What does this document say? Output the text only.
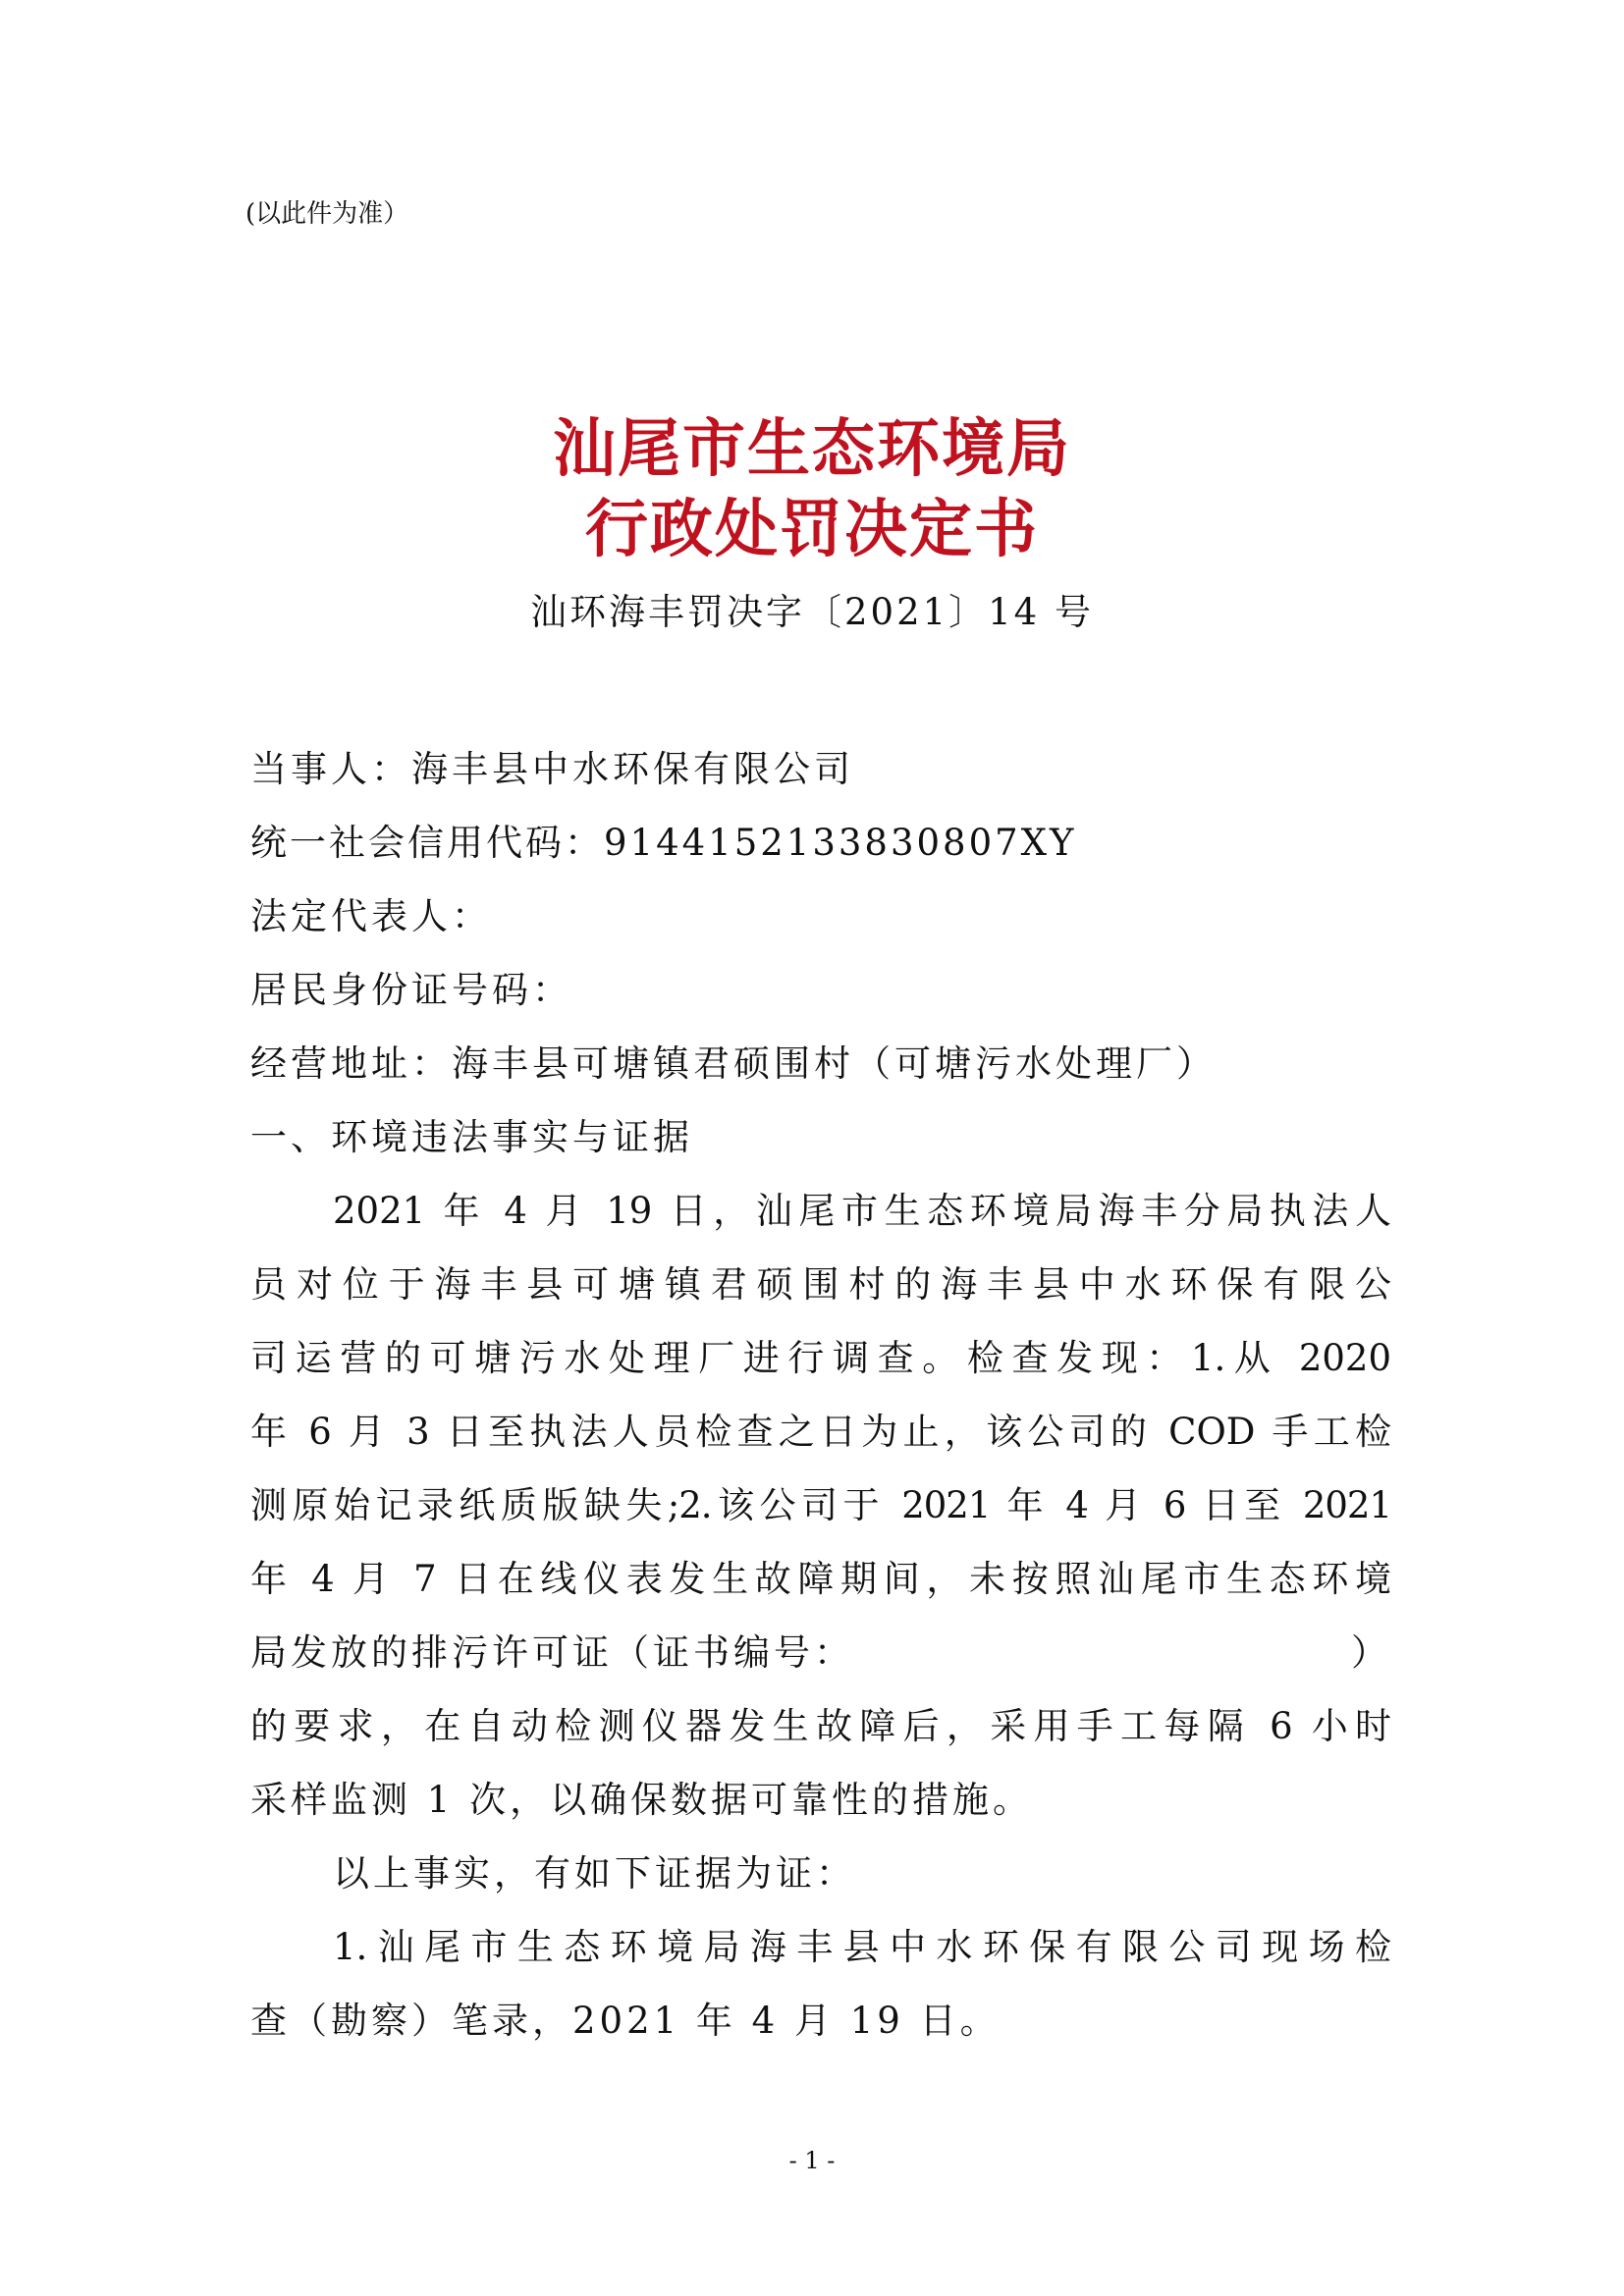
(以此件为准）
汕尾市生态环境局
行政处罚决定书
汕环海丰罚决字〔2021〕14 号
当事人：海丰县中水环保有限公司
统一社会信用代码：9144152133830807XY
法定代表人：
居民身份证号码：
经营地址：海丰县可塘镇君硕围村（可塘污水处理厂）
一、环境违法事实与证据
2021 年 4 月 19 日，汕尾市生态环境局海丰分局执法人
员对位于海丰县可塘镇君硕围村的海丰县中水环保有限公
司运营的可塘污水处理厂进行调查。检查发现：1.从 2020
年 6 月 3 日至执法人员检查之日为止，该公司的 COD 手工检
测原始记录纸质版缺失;2.该公司于 2021 年 4 月 6 日至 2021
年 4 月 7 日在线仪表发生故障期间，未按照汕尾市生态环境
局发放的排污许可证（证书编号：	）
的要求，在自动检测仪器发生故障后，采用手工每隔 6 小时
采样监测 1 次，以确保数据可靠性的措施。
以上事实，有如下证据为证：
1.汕尾市生态环境局海丰县中水环保有限公司现场检
查（勘察）笔录，2021 年 4 月 19 日。
- 1 -
